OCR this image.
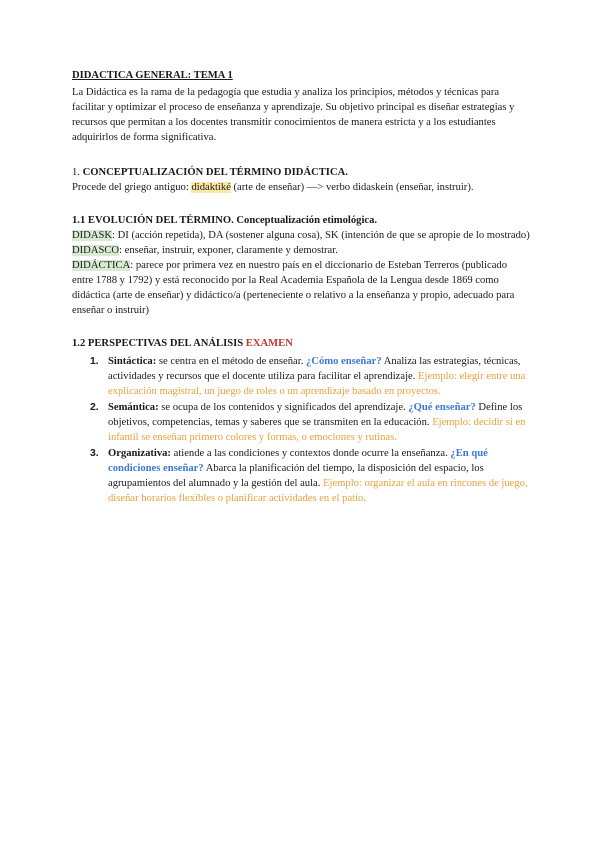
DIDACTICA GENERAL: TEMA 1

La Didáctica es la rama de la pedagogía que estudia y analiza los principios, métodos y técnicas para facilitar y optimizar el proceso de enseñanza y aprendizaje. Su objetivo principal es diseñar estrategias y recursos que permitan a los docentes transmitir conocimientos de manera estricta y a los estudiantes adquirirlos de forma significativa.

1. CONCEPTUALIZACIÓN DEL TÉRMINO DIDÁCTICA.

Procede del griego antiguo: didaktiké (arte de enseñar) —> verbo didaskein (enseñar, instruir).

1.1 EVOLUCIÓN DEL TÉRMINO. Conceptualización etimológica.

DIDASK: DI (acción repetida), DA (sostener alguna cosa), SK (intención de que se apropie de lo mostrado)

DIDASCO: enseñar, instruir, exponer, claramente y demostrar.

DIDÁCTICA: parece por primera vez en nuestro país en el diccionario de Esteban Terreros (publicado entre 1788 y 1792) y está reconocido por la Real Academia Española de la Lengua desde 1869 como didáctica (arte de enseñar) y didáctico/a (perteneciente o relativo a la enseñanza y propio, adecuado para enseñar o instruir)

1.2 PERSPECTIVAS DEL ANÁLISIS EXAMEN

1. Sintáctica: se centra en el método de enseñar. ¿Cómo enseñar? Analiza las estrategias, técnicas, actividades y recursos que el docente utiliza para facilitar el aprendizaje. Ejemplo: elegir entre una explicación magistral, un juego de roles o un aprendizaje basado en proyectos.
2. Semántica: se ocupa de los contenidos y significados del aprendizaje. ¿Qué enseñar? Define los objetivos, competencias, temas y saberes que se transmiten en la educación. Ejemplo: decidir si en infantil se enseñan primero colores y formas, o emociones y rutinas.
3. Organizativa: atiende a las condiciones y contextos donde ocurre la enseñanza. ¿En qué condiciones enseñar? Abarca la planificación del tiempo, la disposición del espacio, los agrupamientos del alumnado y la gestión del aula. Ejemplo: organizar el aula en rincones de juego, diseñar horarios flexibles o planificar actividades en el patio.
